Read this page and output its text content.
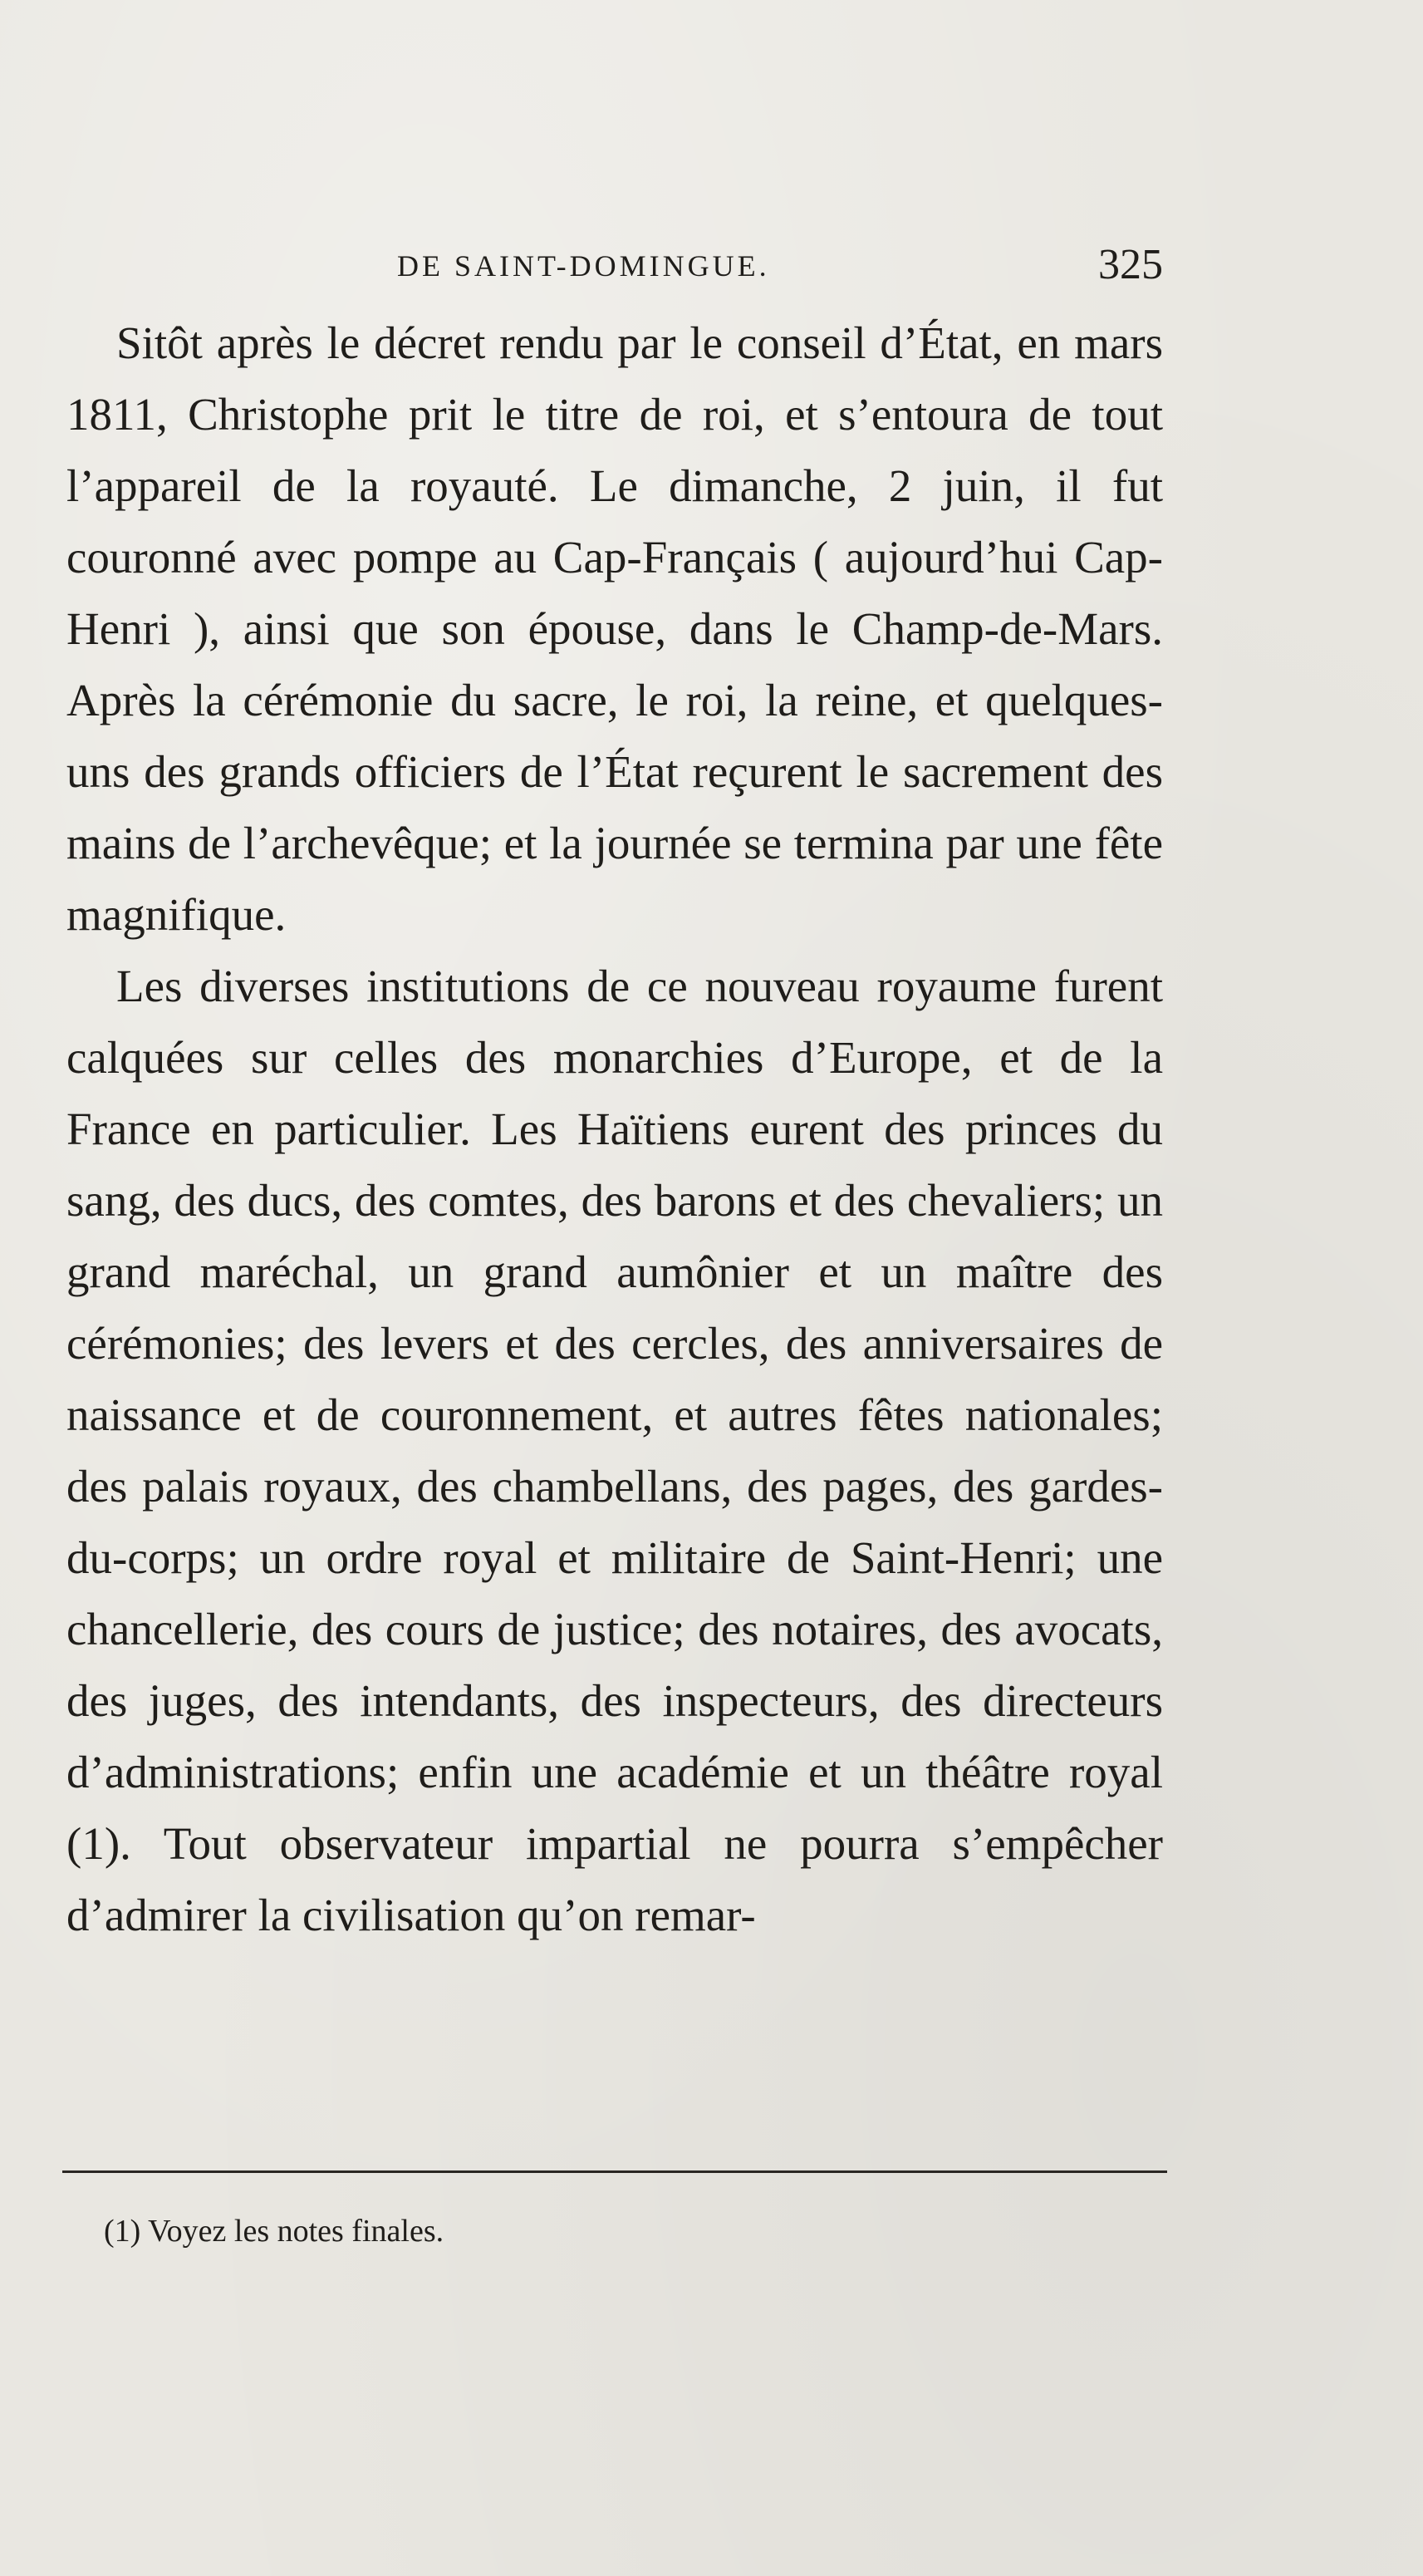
DE SAINT-DOMINGUE.	325

Sitôt après le décret rendu par le conseil d’État, en mars 1811, Christophe prit le titre de roi, et s’entoura de tout l’appareil de la royauté. Le dimanche, 2 juin, il fut couronné avec pompe au Cap-Français ( aujourd’hui Cap-Henri ), ainsi que son épouse, dans le Champ-de-Mars. Après la cérémonie du sacre, le roi, la reine, et quelques-uns des grands officiers de l’État reçurent le sacrement des mains de l’archevêque; et la journée se termina par une fête magnifique.

Les diverses institutions de ce nouveau royaume furent calquées sur celles des monarchies d’Europe, et de la France en particulier. Les Haïtiens eurent des princes du sang, des ducs, des comtes, des barons et des chevaliers; un grand maréchal, un grand aumônier et un maître des cérémonies; des levers et des cercles, des anniversaires de naissance et de couronnement, et autres fêtes nationales; des palais royaux, des chambellans, des pages, des gardes-du-corps; un ordre royal et militaire de Saint-Henri; une chancellerie, des cours de justice; des notaires, des avocats, des juges, des intendants, des inspecteurs, des directeurs d’administrations; enfin une académie et un théâtre royal (1). Tout observateur impartial ne pourra s’empêcher d’admirer la civilisation qu’on remar-

(1) Voyez les notes finales.
